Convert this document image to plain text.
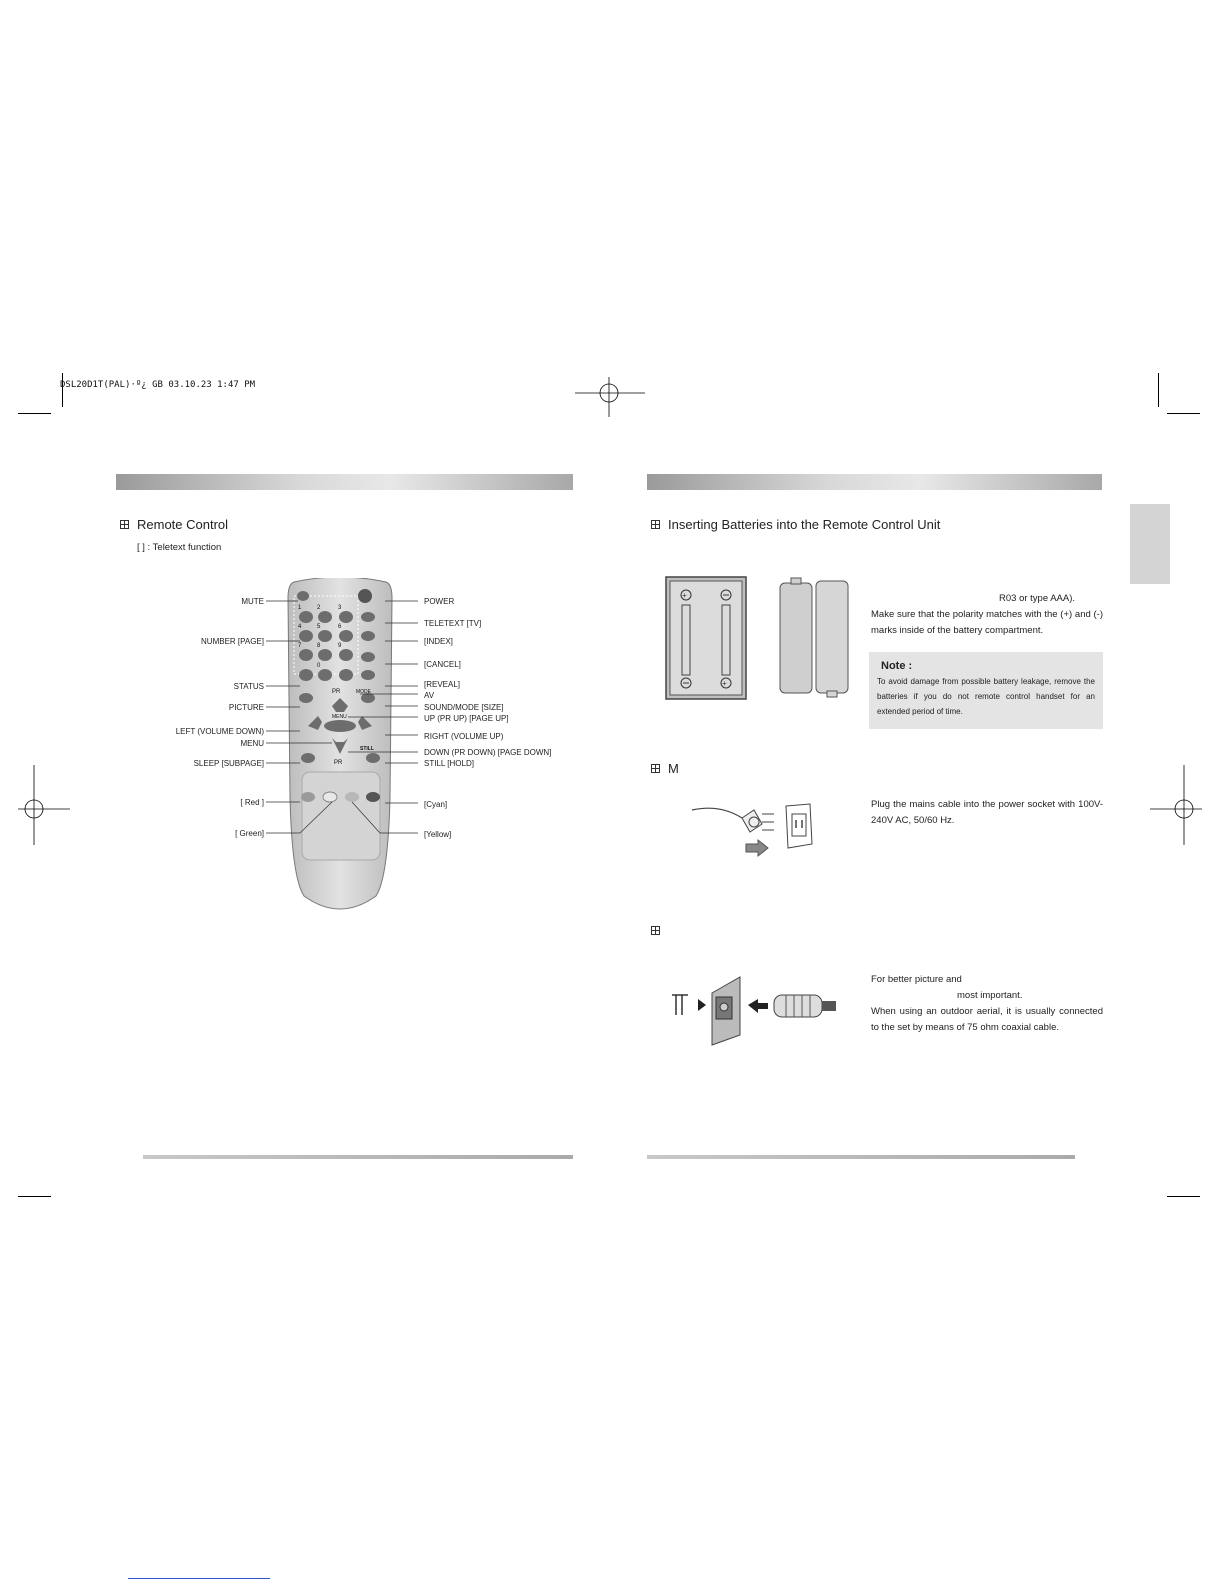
DSL20D1T(PAL)·º¿ GB 03.10.23 1:47 PM
Remote Control
[ ] : Teletext function
1	2	3
4	5	6
7	8	9
0
PR	MODE
MENU
STILL
PR
MUTE
NUMBER [PAGE]
STATUS
PICTURE
LEFT (VOLUME DOWN)
MENU
SLEEP [SUBPAGE]
[ Red ]
[ Green]
POWER
TELETEXT [TV]
[INDEX]
[CANCEL]
[REVEAL]
AV
SOUND/MODE [SIZE]
UP (PR UP) [PAGE UP]
RIGHT (VOLUME UP)
DOWN (PR DOWN) [PAGE DOWN]
STILL [HOLD]
[Cyan]
[Yellow]
Inserting Batteries into the Remote Control Unit
+
+
R03 or type AAA).
Make sure that the polarity matches with the (+) and (-) marks inside of the battery compartment.
Note :
To avoid damage from possible battery leakage, remove the batteries if you do not remote control handset for an extended period of time.
M
Plug the mains cable into the power socket with 100V-240V AC, 50/60 Hz.
For better picture and
most important.
When using an outdoor aerial, it is usually connected to the set by means of 75 ohm coaxial cable.
